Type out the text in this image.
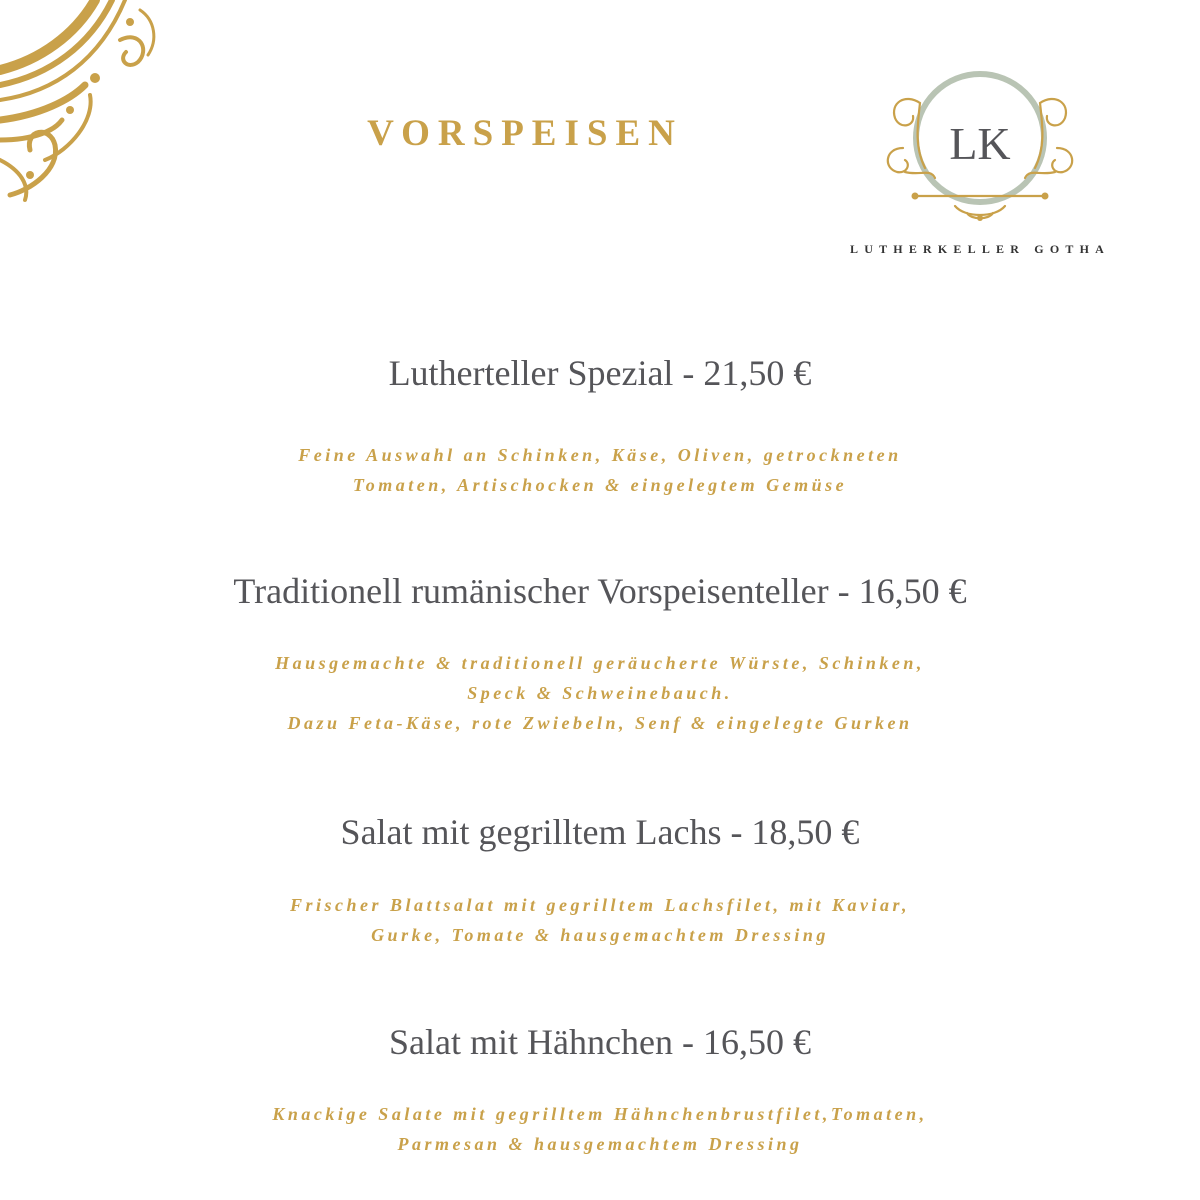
VORSPEISEN	LK
LUTHERKELLER GOTHA
Lutherteller Spezial - 21,50 €
Feine Auswahl an Schinken, Käse, Oliven, getrockneten
Tomaten, Artischocken & eingelegtem Gemüse
Traditionell rumänischer Vorspeisenteller - 16,50 €
Hausgemachte & traditionell geräucherte Würste, Schinken,
Speck & Schweinebauch.
Dazu Feta-Käse, rote Zwiebeln, Senf & eingelegte Gurken
Salat mit gegrilltem Lachs - 18,50 €
Frischer Blattsalat mit gegrilltem Lachsfilet, mit Kaviar,
Gurke, Tomate & hausgemachtem Dressing
Salat mit Hähnchen - 16,50 €
Knackige Salate mit gegrilltem Hähnchenbrustfilet,Tomaten,
Parmesan & hausgemachtem Dressing
